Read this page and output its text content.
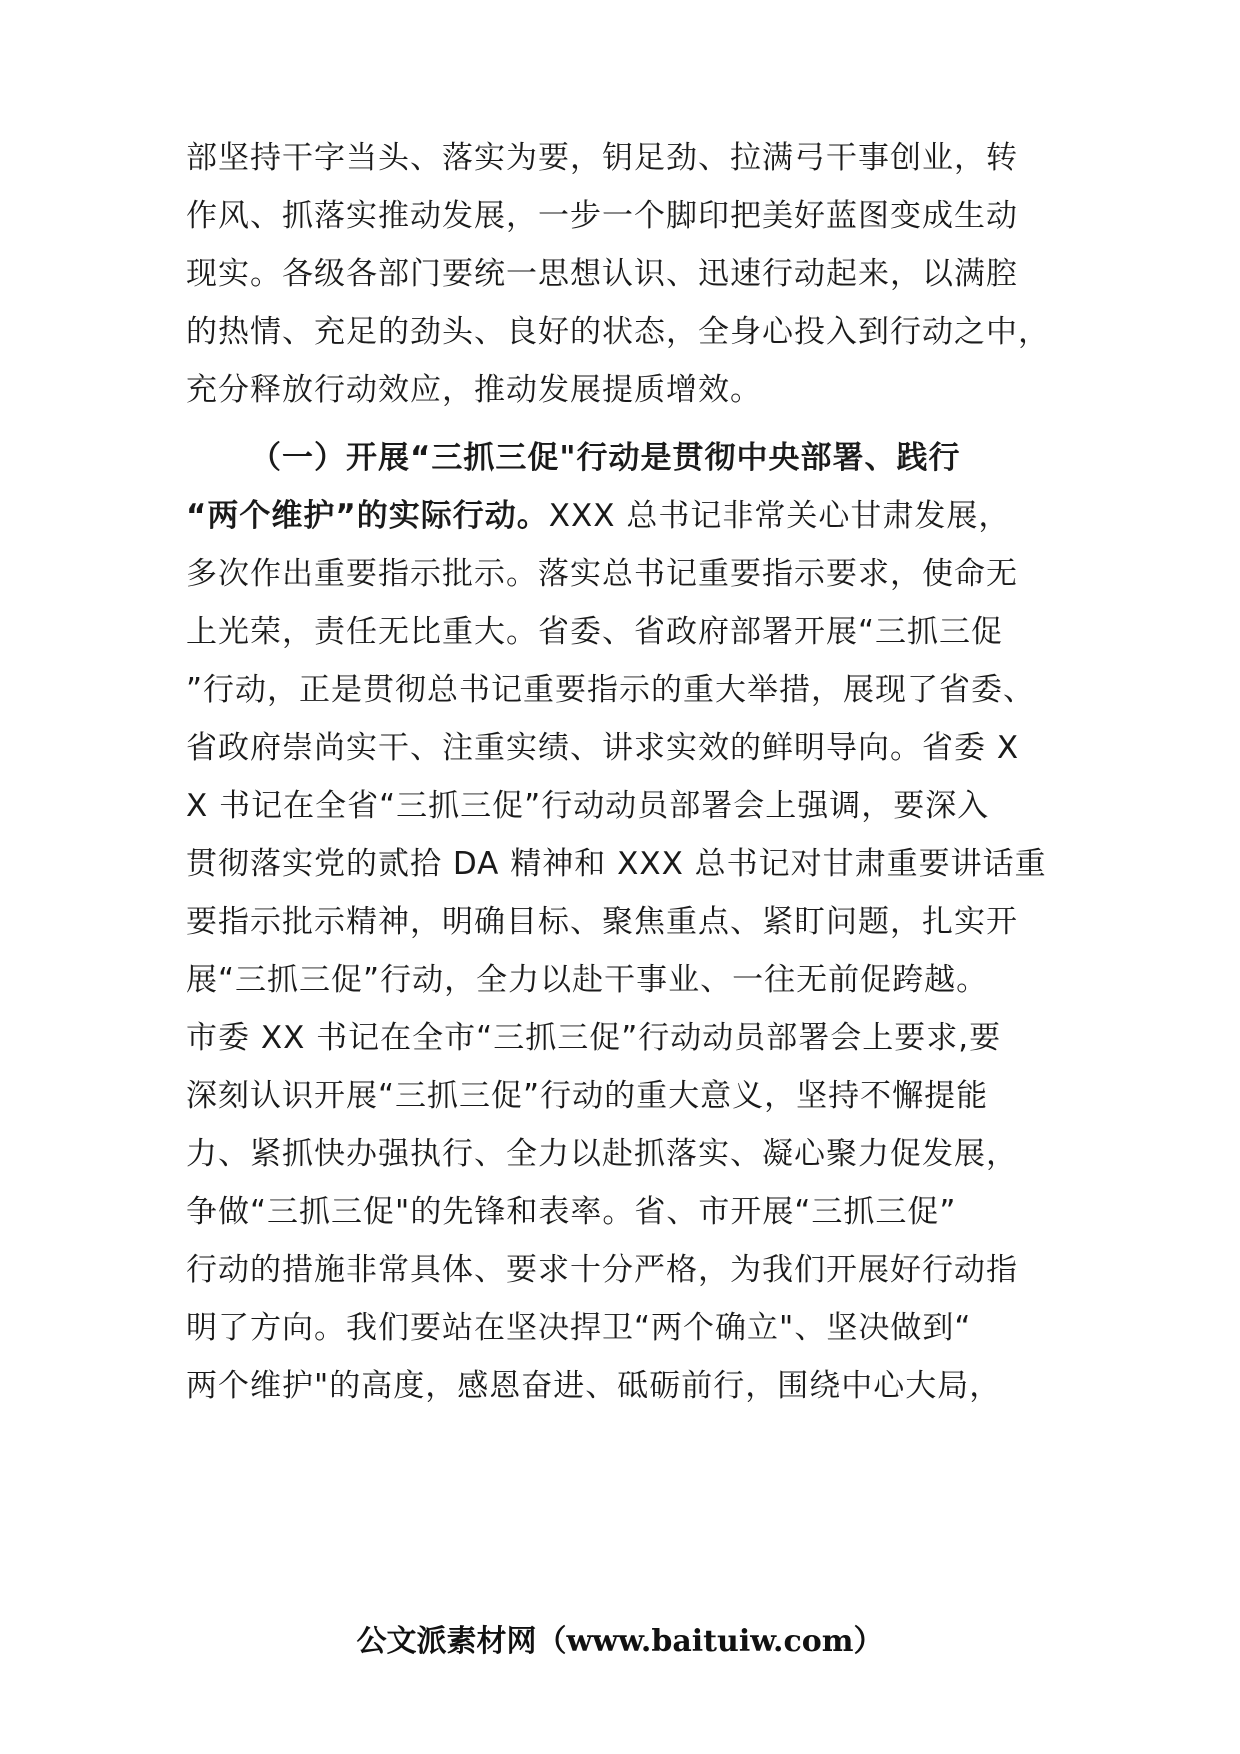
部坚持干字当头、落实为要，钥足劲、拉满弓干事创业，转
作风、抓落实推动发展，一步一个脚印把美好蓝图变成生动
现实。各级各部门要统一思想认识、迅速行动起来，以满腔
的热情、充足的劲头、良好的状态，全身心投入到行动之中，
充分释放行动效应，推动发展提质增效。
（一）开展“三抓三促"行动是贯彻中央部署、践行
“两个维护”的实际行动。XXX 总书记非常关心甘肃发展，
多次作出重要指示批示。落实总书记重要指示要求，使命无
上光荣，责任无比重大。省委、省政府部署开展“三抓三促
”行动，正是贯彻总书记重要指示的重大举措，展现了省委、
省政府崇尚实干、注重实绩、讲求实效的鲜明导向。省委 X
X 书记在全省“三抓三促”行动动员部署会上强调，要深入
贯彻落实党的贰拾 DA 精神和 XXX 总书记对甘肃重要讲话重
要指示批示精神，明确目标、聚焦重点、紧盯问题，扎实开
展“三抓三促”行动，全力以赴干事业、一往无前促跨越。
市委 XX 书记在全市“三抓三促”行动动员部署会上要求,要
深刻认识开展“三抓三促”行动的重大意义，坚持不懈提能
力、紧抓快办强执行、全力以赴抓落实、凝心聚力促发展，
争做“三抓三促"的先锋和表率。省、市开展“三抓三促”
行动的措施非常具体、要求十分严格，为我们开展好行动指
明了方向。我们要站在坚决捍卫“两个确立"、坚决做到“
两个维护"的高度，感恩奋进、砥砺前行，围绕中心大局，
公文派素材网（www.baituiw.com）
